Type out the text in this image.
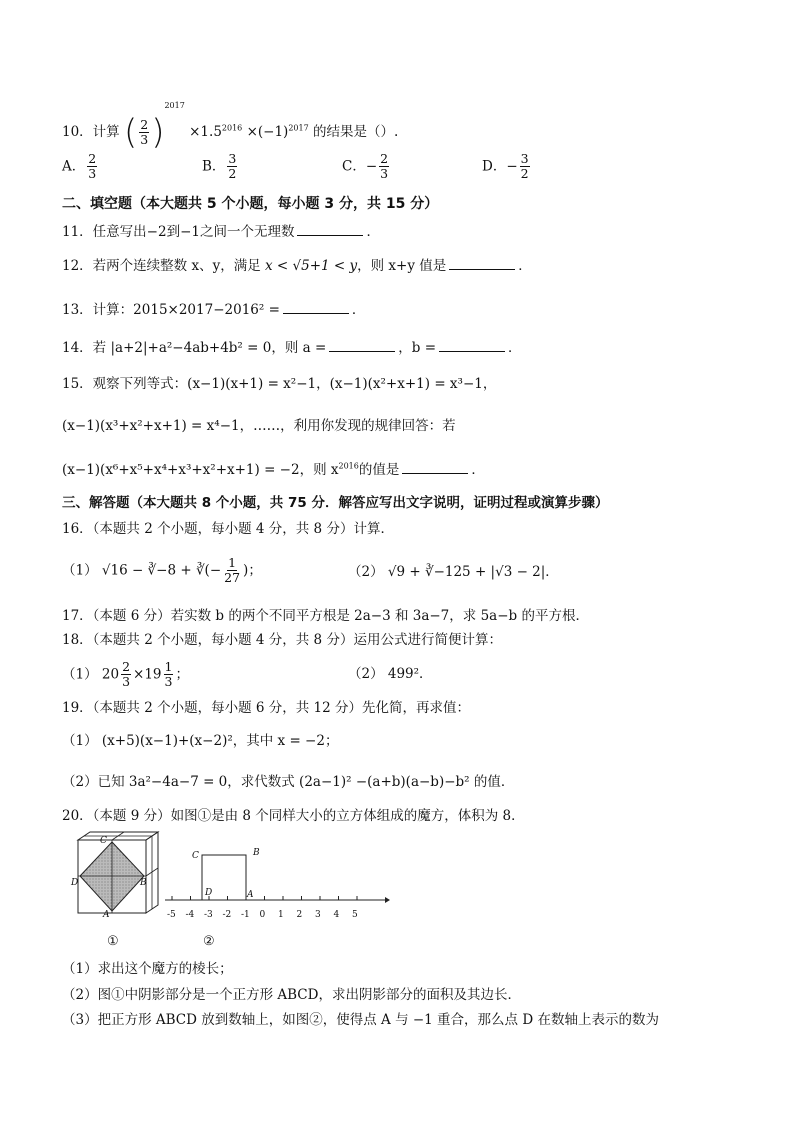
10．计算 ( $\frac{2}{3} )^{2017} \times 1.5^{2016} \times(-1)^{2017}$ 的结果是（）.
A． $\frac{2}{3}$	B． $\frac{3}{2}$	C．− $\frac{2}{3}$	D．− $\frac{3}{2}$
二、填空题（本大题共 5 个小题，每小题 3 分，共 15 分）
11．任意写出−2到−1之间一个无理数	．
12．若两个连续整数 x、y，满足 x < √5+1 < y，则 x+y 值是	．
13．计算：2015×2017−2016² =	．
14．若 |a+2|+a²−4ab+4b² = 0，则 a =	，b =	．
15．观察下列等式：(x−1)(x+1) = x²−1，(x−1)(x²+x+1) = x³−1，
(x−1)(x³+x²+x+1) = x⁴−1，……，利用你发现的规律回答：若
(x−1)(x⁶+x⁵+x⁴+x³+x²+x+1) = −2，则 $x^{2016}$的值是	．
三、解答题（本大题共 8 个小题，共 75 分．解答应写出文字说明，证明过程或演算步骤）
16．（本题共 2 个小题，每小题 4 分，共 8 分）计算．
（1） √16 − ∛−8 + ∛(− $\frac{1}{27}$ )；	（2） √9 + ∛−125 + |√3 − 2|．
17．（本题 6 分）若实数 b 的两个不同平方根是 2a−3 和 3a−7，求 5a−b 的平方根．
18．（本题共 2 个小题，每小题 4 分，共 8 分）运用公式进行简便计算：
（1） $20 \frac{2}{3} \times 19 \frac{1}{3}$ ；	（2） 499²．
19．（本题共 2 个小题，每小题 6 分，共 12 分）先化简，再求值：
（1） (x+5)(x−1)+(x−2)²，其中 x = −2；
（2）已知 3a²−4a−7 = 0，求代数式 (2a−1)² −(a+b)(a−b)−b² 的值．
20．（本题 9 分）如图①是由 8 个同样大小的立方体组成的魔方，体积为 8．
C
D	B
A
C	B
D	A
-5 -4 -3 -2 -1 0 1 2 3 4 5
①	②
（1）求出这个魔方的棱长；
（2）图①中阴影部分是一个正方形 ABCD，求出阴影部分的面积及其边长．
（3）把正方形 ABCD 放到数轴上，如图②，使得点 A 与 −1 重合，那么点 D 在数轴上表示的数为
